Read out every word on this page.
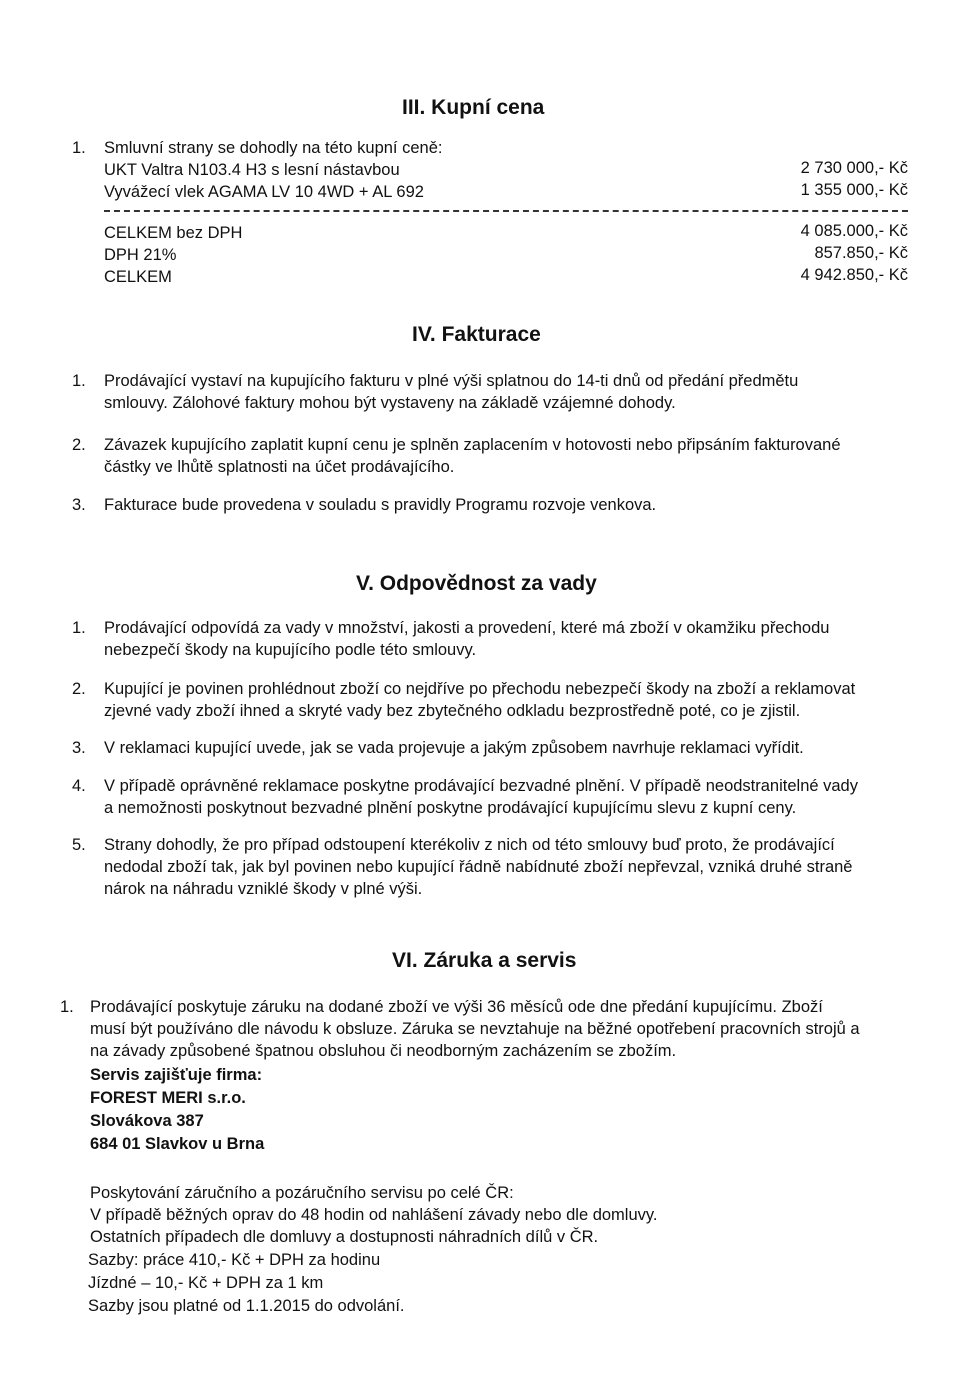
III. Kupní cena
1. Smluvní strany se dohodly na této kupní ceně:
UKT Valtra N103.4 H3 s lesní nástavbou	2 730 000,- Kč
Vyvážecí vlek AGAMA LV 10 4WD + AL 692	1 355 000,- Kč
CELKEM bez DPH	4 085.000,- Kč
DPH 21%	857.850,- Kč
CELKEM	4 942.850,- Kč
IV. Fakturace
1. Prodávající vystaví na kupujícího fakturu v plné výši splatnou do 14-ti dnů od předání předmětu
smlouvy. Zálohové faktury mohou být vystaveny na základě vzájemné dohody.
2. Závazek kupujícího zaplatit kupní cenu je splněn zaplacením v hotovosti nebo připsáním fakturované
částky ve lhůtě splatnosti na účet prodávajícího.
3. Fakturace bude provedena v souladu s pravidly Programu rozvoje venkova.
V. Odpovědnost za vady
1. Prodávající odpovídá za vady v množství, jakosti a provedení, které má zboží v okamžiku přechodu
nebezpečí škody na kupujícího podle této smlouvy.
2. Kupující je povinen prohlédnout zboží co nejdříve po přechodu nebezpečí škody na zboží a reklamovat
zjevné vady zboží ihned a skryté vady bez zbytečného odkladu bezprostředně poté, co je zjistil.
3. V reklamaci kupující uvede, jak se vada projevuje a jakým způsobem navrhuje reklamaci vyřídit.
4. V případě oprávněné reklamace poskytne prodávající bezvadné plnění. V případě neodstranitelné vady
a nemožnosti poskytnout bezvadné plnění poskytne prodávající kupujícímu slevu z kupní ceny.
5. Strany dohodly, že pro případ odstoupení kterékoliv z nich od této smlouvy buď proto, že prodávající
nedodal zboží tak, jak byl povinen nebo kupující řádně nabídnuté zboží nepřevzal, vzniká druhé straně
nárok na náhradu vzniklé škody v plné výši.
VI. Záruka a servis
1. Prodávající poskytuje záruku na dodané zboží ve výši 36 měsíců ode dne předání kupujícímu. Zboží
musí být používáno dle návodu k obsluze. Záruka se nevztahuje na běžné opotřebení pracovních strojů a
na závady způsobené špatnou obsluhou či neodborným zacházením se zbožím.
Servis zajišťuje firma:
FOREST MERI s.r.o.
Slovákova 387
684 01 Slavkov u Brna
Poskytování záručního a pozáručního servisu po celé ČR:
V případě běžných oprav do 48 hodin od nahlášení závady nebo dle domluvy.
Ostatních případech dle domluvy a dostupnosti náhradních dílů v ČR.
Sazby: práce 410,- Kč + DPH za hodinu
Jízdné – 10,- Kč + DPH za 1 km
Sazby jsou platné od 1.1.2015 do odvolání.
